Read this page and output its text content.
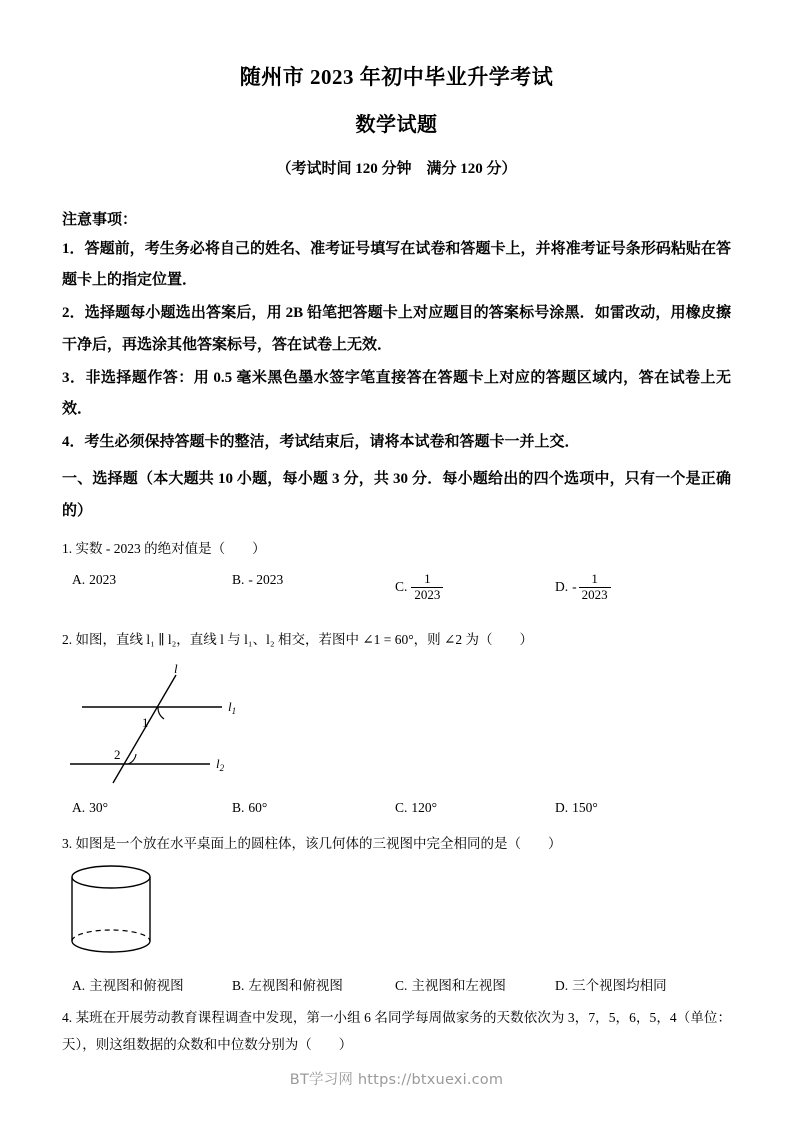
随州市 2023 年初中毕业升学考试
数学试题
（考试时间 120 分钟　满分 120 分）
注意事项：
1．答题前，考生务必将自己的姓名、准考证号填写在试卷和答题卡上，并将准考证号条形码粘贴在答题卡上的指定位置．
2．选择题每小题选出答案后，用 2B 铅笔把答题卡上对应题目的答案标号涂黑．如雷改动，用橡皮擦干净后，再选涂其他答案标号，答在试卷上无效．
3．非选择题作答：用 0.5 毫米黑色墨水签字笔直接答在答题卡上对应的答题区域内，答在试卷上无效．
4．考生必须保持答题卡的整洁，考试结束后，请将本试卷和答题卡一并上交．
一、选择题（本大题共 10 小题，每小题 3 分，共 30 分．每小题给出的四个选项中，只有一个是正确的）
1. 实数 - 2023 的绝对值是（　　）
A. 2023	B. - 2023
C. $\frac{1}{2023}$	D. - $\frac{1}{2023}$
2. 如图，直线 l₁ ∥ l₂，直线 l 与 l₁、l₂ 相交，若图中 ∠1 = 60°，则 ∠2 为（　　）
l
$l_1$
$l_2$
1
2
A. 30°	B. 60°	C. 120°	D. 150°
3. 如图是一个放在水平桌面上的圆柱体，该几何体的三视图中完全相同的是（　　）
A. 主视图和俯视图	B. 左视图和俯视图	C. 主视图和左视图	D. 三个视图均相同
4. 某班在开展劳动教育课程调查中发现，第一小组 6 名同学每周做家务的天数依次为 3，7，5，6，5，4（单位：天），则这组数据的众数和中位数分别为（　　）
BT学习网 https://btxuexi.com
